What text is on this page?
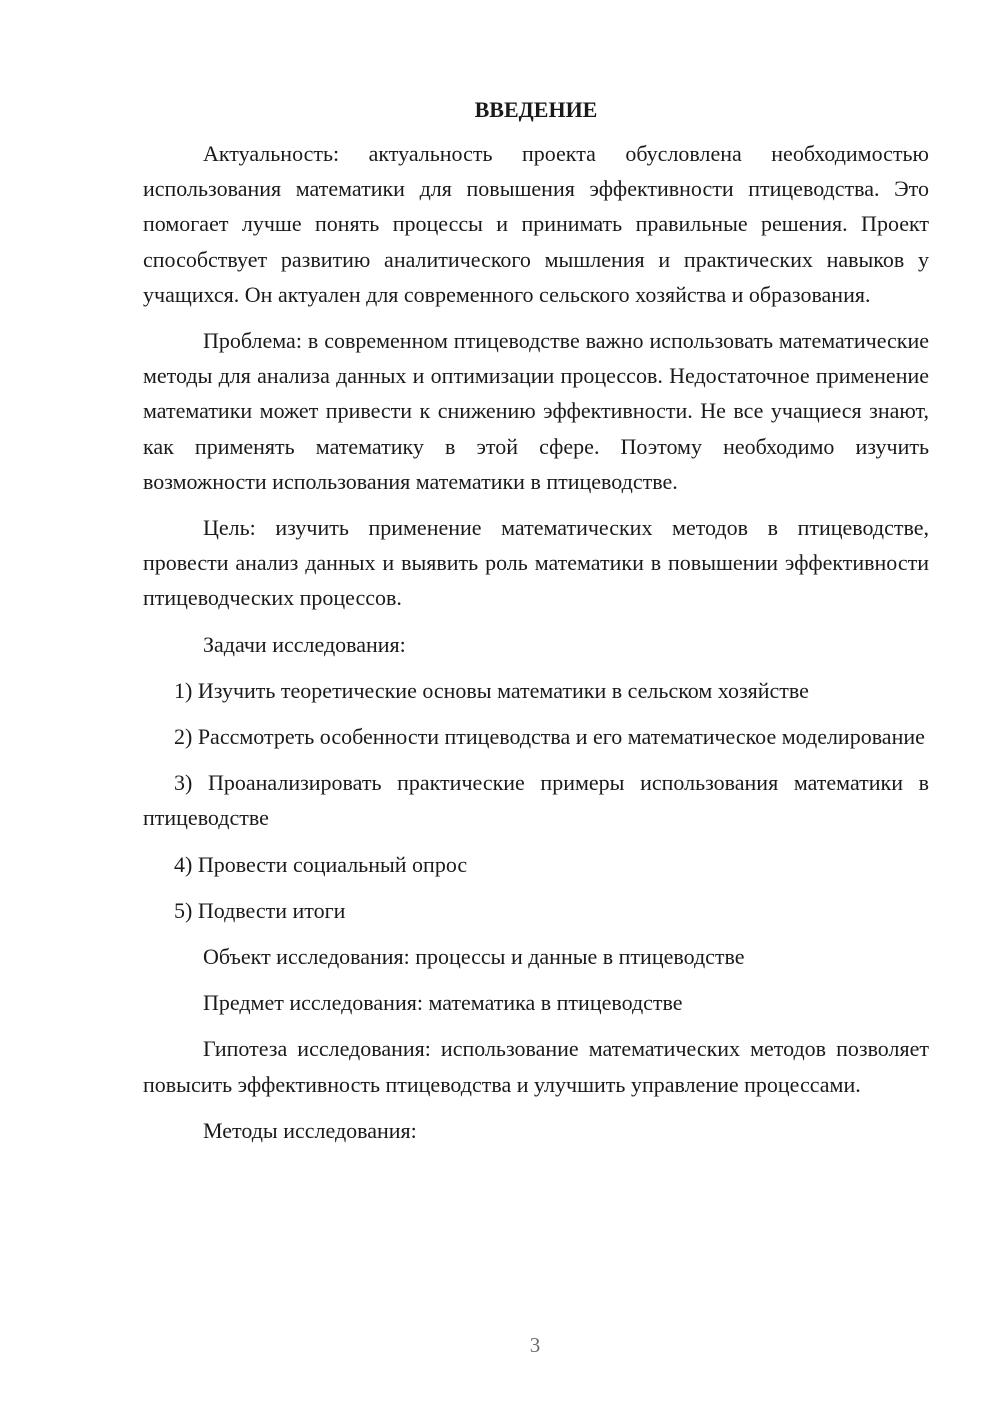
ВВЕДЕНИЕ

Актуальность: актуальность проекта обусловлена необходимостью использования математики для повышения эффективности птицеводства. Это помогает лучше понять процессы и принимать правильные решения. Проект способствует развитию аналитического мышления и практических навыков у учащихся. Он актуален для современного сельского хозяйства и образования.

Проблема: в современном птицеводстве важно использовать математические методы для анализа данных и оптимизации процессов. Недостаточное применение математики может привести к снижению эффективности. Не все учащиеся знают, как применять математику в этой сфере. Поэтому необходимо изучить возможности использования математики в птицеводстве.

Цель: изучить применение математических методов в птицеводстве, провести анализ данных и выявить роль математики в повышении эффективности птицеводческих процессов.

Задачи исследования:

1) Изучить теоретические основы математики в сельском хозяйстве

2) Рассмотреть особенности птицеводства и его математическое моделирование

3) Проанализировать практические примеры использования математики в птицеводстве

4) Провести социальный опрос

5) Подвести итоги

Объект исследования: процессы и данные в птицеводстве

Предмет исследования: математика в птицеводстве

Гипотеза исследования: использование математических методов позволяет повысить эффективность птицеводства и улучшить управление процессами.

Методы исследования:

3
